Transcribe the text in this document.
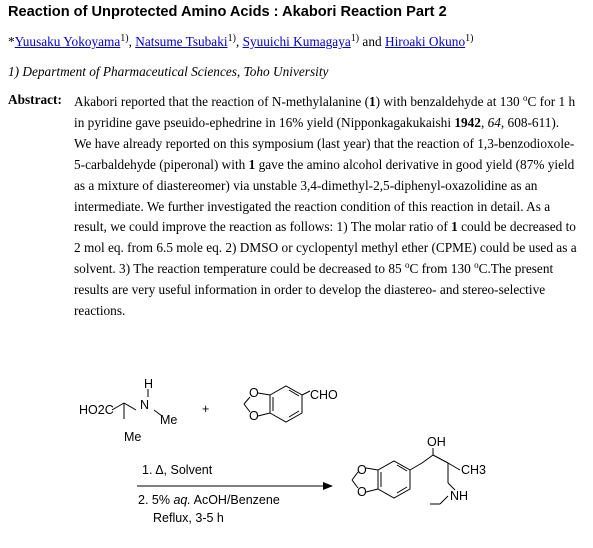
Reaction of Unprotected Amino Acids : Akabori Reaction Part 2
*Yuusaku Yokoyama$^{1)}$, Natsume Tsubaki$^{1)}$, Syuuichi Kumagaya$^{1)}$ and Hiroaki Okuno$^{1)}$
1) Department of Pharmaceutical Sciences, Toho University
Abstract: Akabori reported that the reaction of N-methylalanine (1) with benzaldehyde at 130 $^o$C for 1 h in pyridine gave pseuido-ephedrine in 16% yield (Nipponkagakukaishi 1942, 64, 608-611). We have already reported on this symposium (last year) that the reaction of 1,3-benzodioxole-5-carbaldehyde (piperonal) with 1 gave the amino alcohol derivative in good yield (87% yield as a mixture of diastereomer) via unstable 3,4-dimethyl-2,5-diphenyl-oxazolidine as an intermediate. We further investigated the reaction condition of this reaction in detail. As a result, we could improve the reaction as follows: 1) The molar ratio of 1 could be decreased to 2 mol eq. from 6.5 mole eq. 2) DMSO or cyclopentyl methyl ether (CPME) could be used as a solvent. 3) The reaction temperature could be decreased to 85 $^o$C from 130 $^o$C.The present results are very useful information in order to develop the diastereo- and stereo-selective reactions.
HO2C
H
N
Me
Me
+
CHO
O
O
1. Δ, Solvent
2. 5% aq. AcOH/Benzene
Reflux, 3-5 h
OH
CH3
NH
O
O
